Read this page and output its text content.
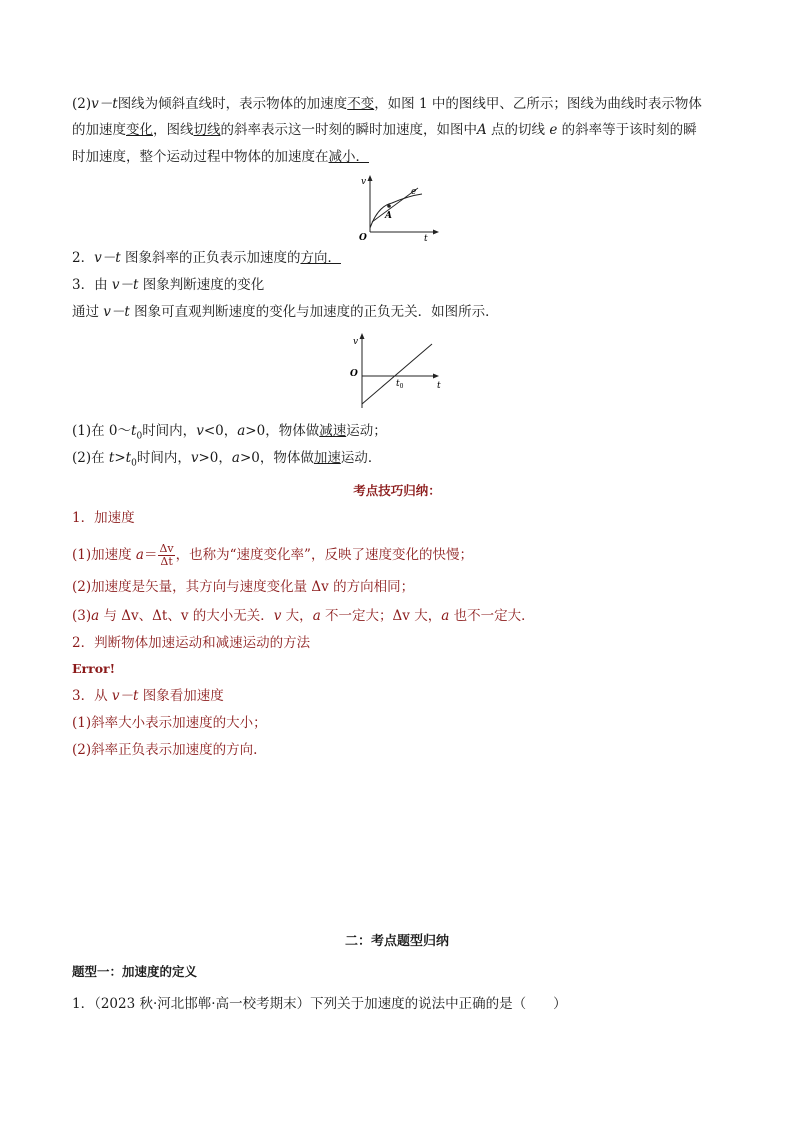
(2)v－t图线为倾斜直线时，表示物体的加速度不变，如图 1 中的图线甲、乙所示；图线为曲线时表示物体
的加速度变化，图线切线的斜率表示这一时刻的瞬时加速度，如图中A 点的切线 e 的斜率等于该时刻的瞬
时加速度，整个运动过程中物体的加速度在减小．
v
t
O
A
e
2．v－t 图象斜率的正负表示加速度的方向．
3．由 v－t 图象判断速度的变化
通过 v－t 图象可直观判断速度的变化与加速度的正负无关．如图所示．
v
t
O
$t_0$
(1)在 $0\sim t_0$时间内，v<0，a>0，物体做减速运动；
(2)在 $t>t_0$时间内，v>0，a>0，物体做加速运动．
考点技巧归纳：
1．加速度
(1)加速度 $a= \frac{\Delta v}{\Delta t}$ ，也称为“速度变化率”，反映了速度变化的快慢；
(2)加速度是矢量，其方向与速度变化量 Δv 的方向相同；
(3)a 与 Δv、Δt、v 的大小无关．v 大，a 不一定大；Δv 大，a 也不一定大．
2．判断物体加速运动和减速运动的方法
Error!
3．从 v－t 图象看加速度
(1)斜率大小表示加速度的大小；
(2)斜率正负表示加速度的方向.
二：考点题型归纳
题型一：加速度的定义
1．（2023 秋·河北邯郸·高一校考期末）下列关于加速度的说法中正确的是（　　）
